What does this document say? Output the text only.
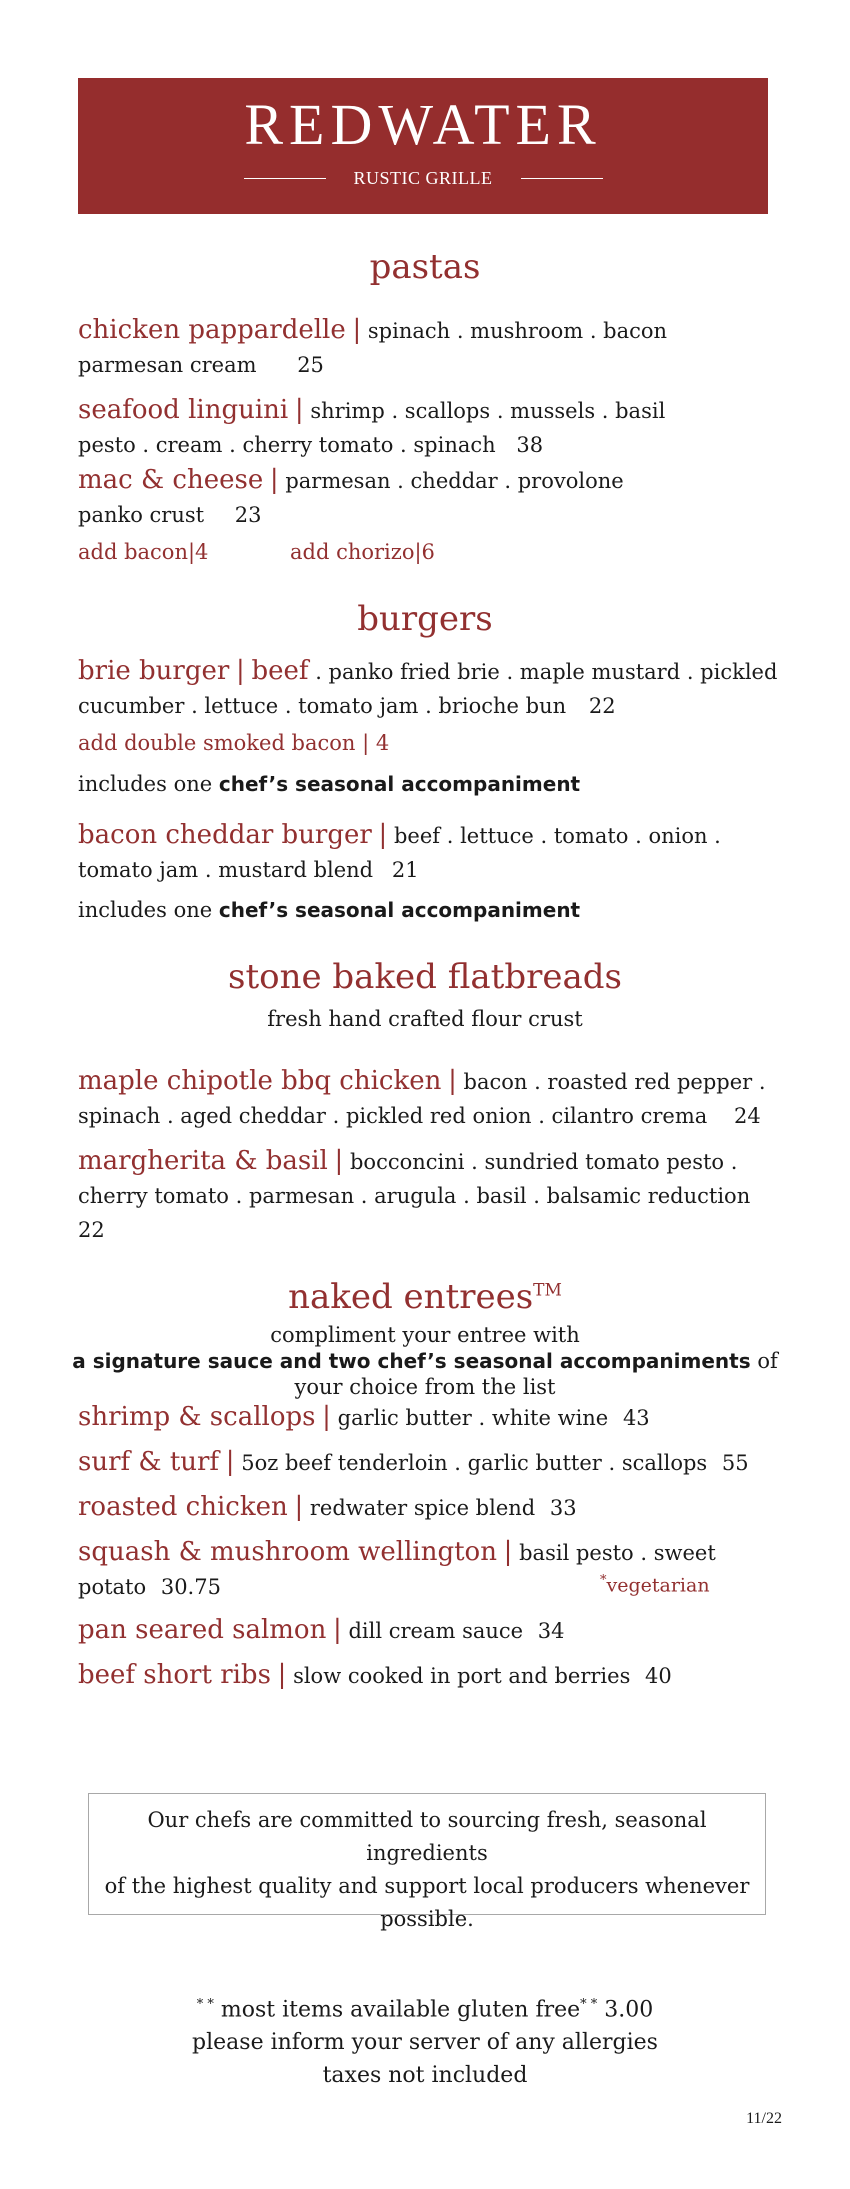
REDWATER
RUSTIC GRILLE
pastas
chicken pappardelle | spinach . mushroom . bacon
parmesan cream 25
seafood linguini | shrimp . scallops . mussels . basil
pesto . cream . cherry tomato . spinach 38
mac & cheese | parmesan . cheddar . provolone
panko crust 23
add bacon|4	add chorizo|6
burgers
brie burger | beef . panko fried brie . maple mustard . pickled
cucumber . lettuce . tomato jam . brioche bun 22
add double smoked bacon | 4
includes one chef’s seasonal accompaniment
bacon cheddar burger | beef . lettuce . tomato . onion .
tomato jam . mustard blend 21
includes one chef’s seasonal accompaniment
stone baked flatbreads
fresh hand crafted flour crust
maple chipotle bbq chicken | bacon . roasted red pepper .
spinach . aged cheddar . pickled red onion . cilantro crema 24
margherita & basil | bocconcini . sundried tomato pesto .
cherry tomato . parmesan . arugula . basil . balsamic reduction
22
naked entrees™
compliment your entree with
a signature sauce and two chef’s seasonal accompaniments of
your choice from the list
shrimp & scallops | garlic butter . white wine 43
surf & turf | 5oz beef tenderloin . garlic butter . scallops 55
roasted chicken | redwater spice blend 33
squash & mushroom wellington | basil pesto . sweet
potato 30.75	*vegetarian
pan seared salmon | dill cream sauce 34
beef short ribs | slow cooked in port and berries 40
Our chefs are committed to sourcing fresh, seasonal ingredients
of the highest quality and support local producers whenever
possible.
* * most items available gluten free* * 3.00
please inform your server of any allergies
taxes not included
11/22
